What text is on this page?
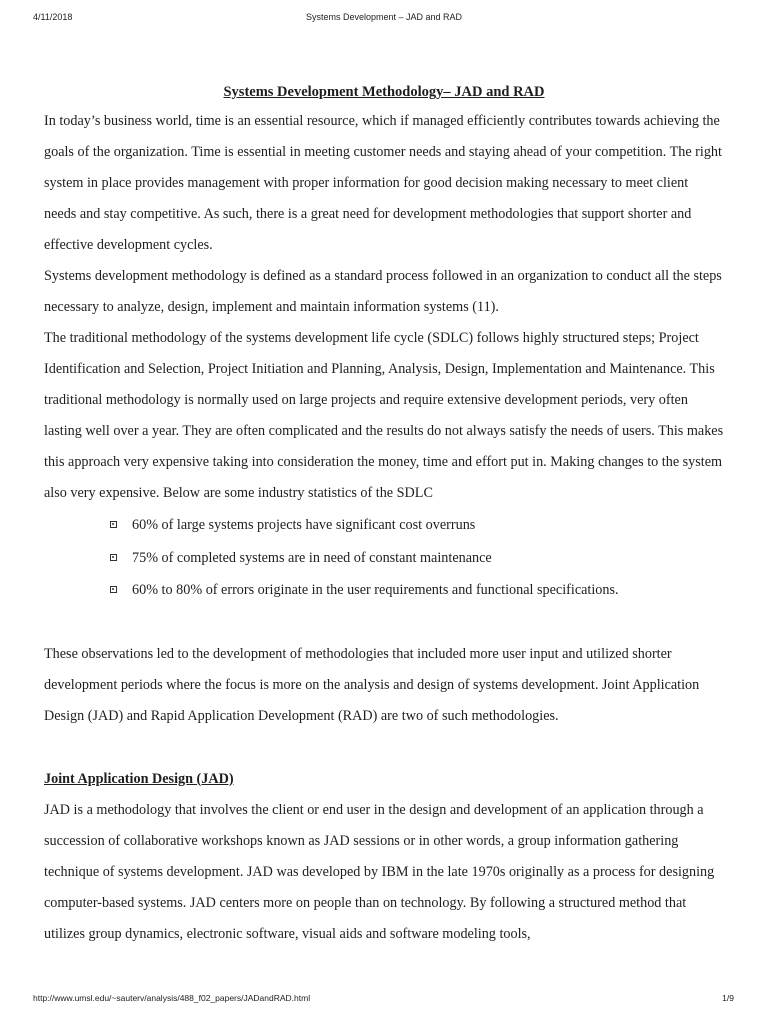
4/11/2018	Systems Development – JAD and RAD

Systems Development Methodology– JAD and RAD

In today’s business world, time is an essential resource, which if managed efficiently contributes towards achieving the goals of the organization. Time is essential in meeting customer needs and staying ahead of your competition. The right system in place provides management with proper information for good decision making necessary to meet client needs and stay competitive. As such, there is a great need for development methodologies that support shorter and effective development cycles.

Systems development methodology is defined as a standard process followed in an organization to conduct all the steps necessary to analyze, design, implement and maintain information systems (11).

The traditional methodology of the systems development life cycle (SDLC) follows highly structured steps; Project Identification and Selection, Project Initiation and Planning, Analysis, Design, Implementation and Maintenance. This traditional methodology is normally used on large projects and require extensive development periods, very often lasting well over a year. They are often complicated and the results do not always satisfy the needs of users. This makes this approach very expensive taking into consideration the money, time and effort put in. Making changes to the system also very expensive. Below are some industry statistics of the SDLC

60% of large systems projects have significant cost overruns
75% of completed systems are in need of constant maintenance
60% to 80% of errors originate in the user requirements and functional specifications.

These observations led to the development of methodologies that included more user input and utilized shorter development periods where the focus is more on the analysis and design of systems development. Joint Application Design (JAD) and Rapid Application Development (RAD) are two of such methodologies.

Joint Application Design (JAD)

JAD is a methodology that involves the client or end user in the design and development of an application through a succession of collaborative workshops known as JAD sessions or in other words, a group information gathering technique of systems development. JAD was developed by IBM in the late 1970s originally as a process for designing computer-based systems. JAD centers more on people than on technology. By following a structured method that utilizes group dynamics, electronic software, visual aids and software modeling tools,

http://www.umsl.edu/~sauterv/analysis/488_f02_papers/JADandRAD.html	1/9
